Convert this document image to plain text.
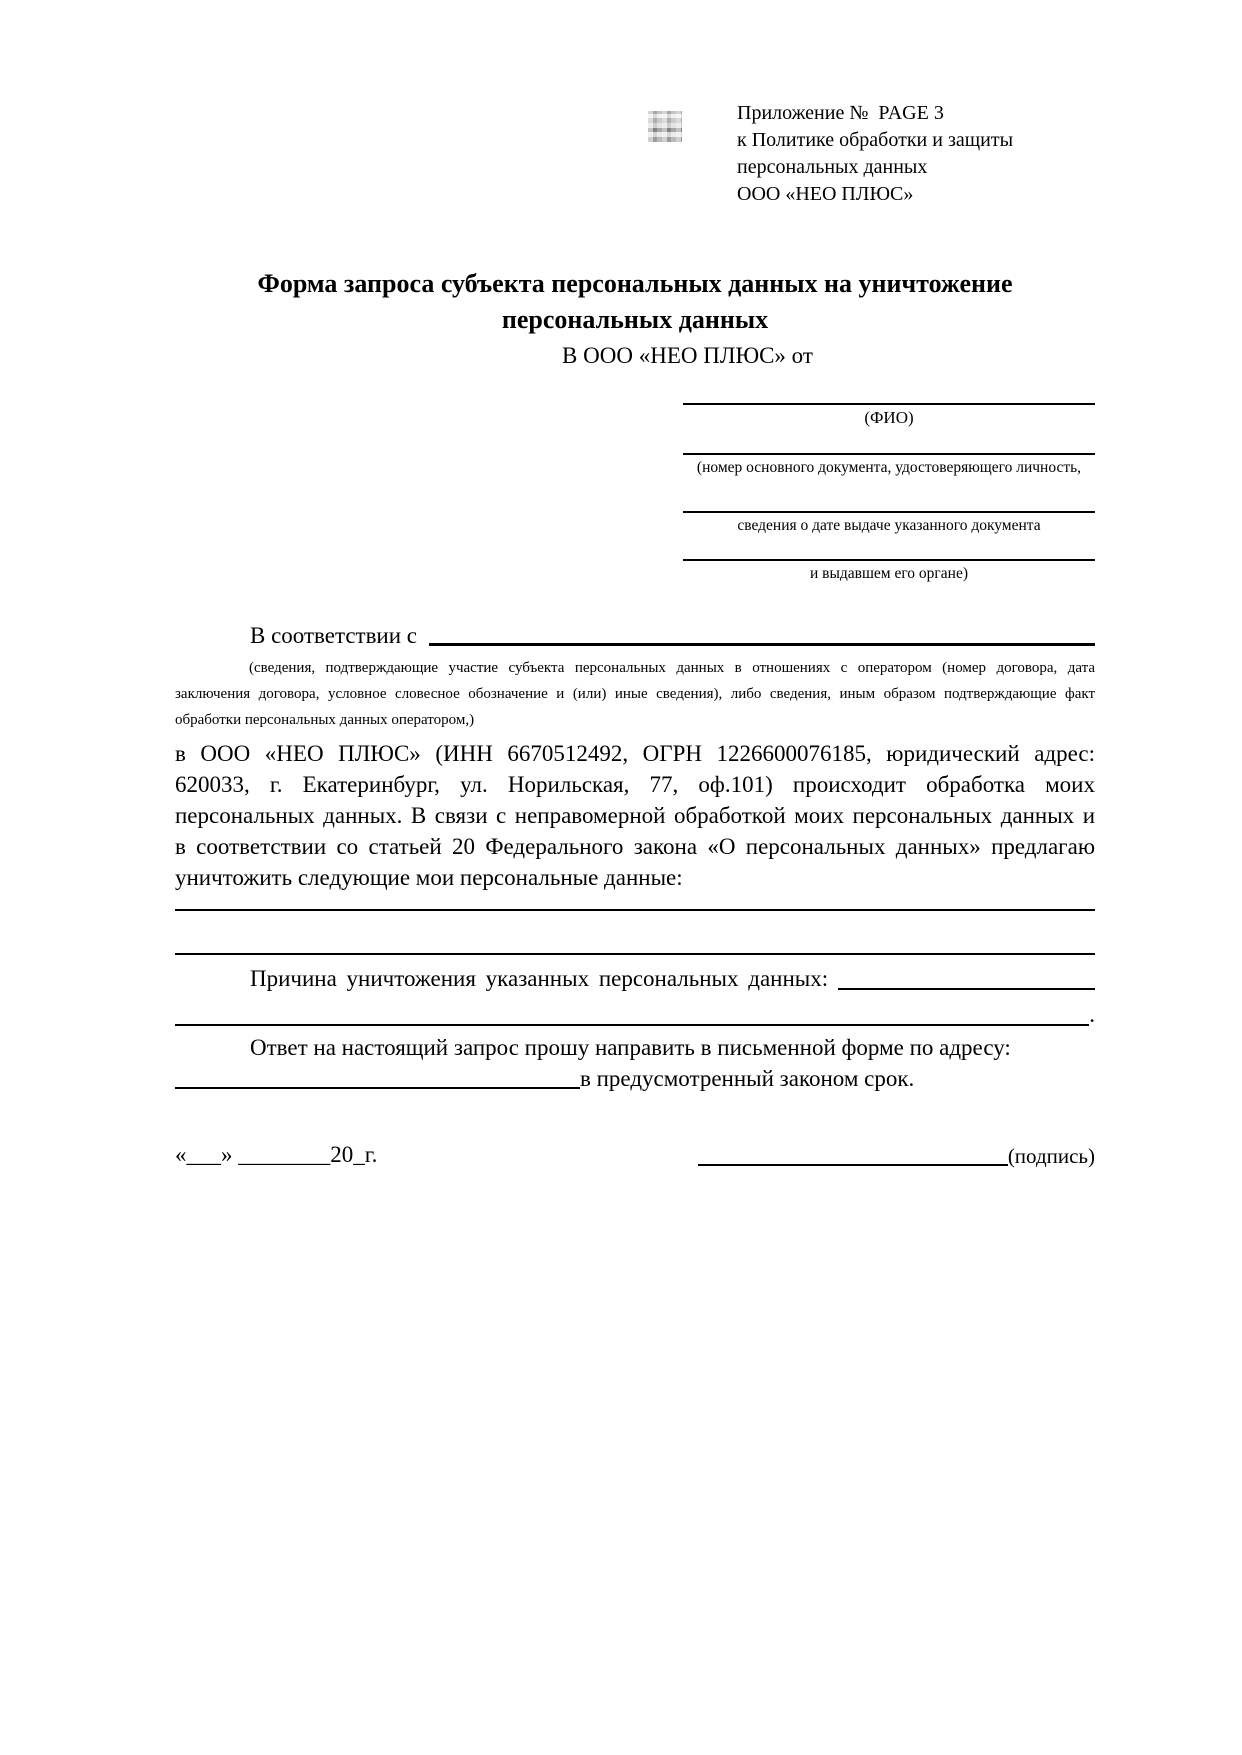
Приложение №  PAGE 3
к Политике обработки и защиты
персональных данных
ООО «НЕО ПЛЮС»
Форма запроса субъекта персональных данных на уничтожение
персональных данных
В ООО «НЕО ПЛЮС» от
(ФИО)
(номер основного документа, удостоверяющего личность,
сведения о дате выдаче указанного документа
и выдавшем его органе)
В соответствии с
(сведения, подтверждающие участие субъекта персональных данных в отношениях с оператором (номер договора, дата
заключения договора, условное словесное обозначение и (или) иные сведения), либо сведения, иным образом подтверждающие факт
обработки персональных данных оператором,)
в ООО «НЕО ПЛЮС» (ИНН 6670512492, ОГРН 1226600076185, юридический адрес:
620033, г. Екатеринбург, ул. Норильская, 77, оф.101) происходит обработка моих
персональных данных. В связи с неправомерной обработкой моих персональных данных и
в соответствии со статьей 20 Федерального закона «О персональных данных» предлагаю
уничтожить следующие мои персональные данные:
Причина уничтожения указанных персональных данных:
.
Ответ на настоящий запрос прошу направить в письменной форме по адресу:
в предусмотренный законом срок.
«___» ________20_г.	(подпись)
